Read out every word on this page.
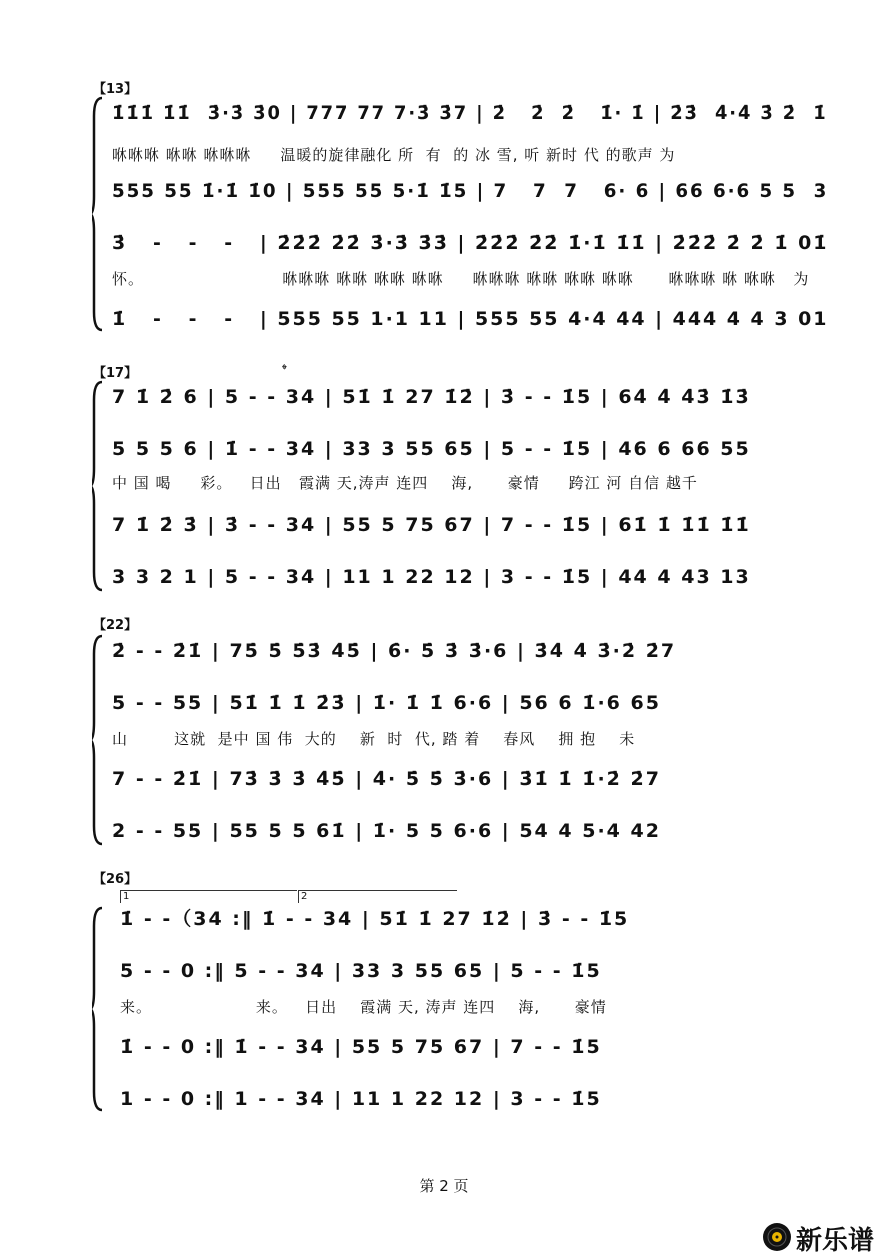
【13】
1̇1̇1̇ 1̇1̇  3̇·3̇ 3̇0 | 777 77 7·3̇ 3̇7 | 2̇   2̇  2̇   1̇· 1̇ | 2̇3̇  4̇·4̇ 3̇ 2̇  1̇
咻咻咻 咻咻 咻咻咻     温暖的旋律融化 所  有  的 冰 雪, 听 新时 代 的歌声 为
555 55 1̇·1̇ 1̇0 | 555 55 5·1̇ 1̇5 | 7   7  7   6· 6 | 66 6·6 5 5  3
3̇   -   -   -   | 2̇2̇2̇ 2̇2̇ 3̇·3̇ 3̇3̇ | 2̇2̇2̇ 2̇2̇ 1̇·1̇ 1̇1̇ | 2̇2̇2̇ 2̇ 2̇ 1̇ 01̇
怀。                        咻咻咻 咻咻 咻咻 咻咻     咻咻咻 咻咻 咻咻 咻咻      咻咻咻 咻 咻咻   为
1̇   -   -   -   | 555 55 1·1 11 | 555 55 4·4 44 | 444 4 4 3 01
【17】	𝄌
7 1̇ 2̇ 6 | 5 - - 34 | 51̇ 1̇ 27 1̇2̇ | 3̇ - - 1̇5 | 64̇ 4̇ 4̇3̇ 1̇3̇
5 5 5 6 | 1̇ - - 34 | 33 3 55 65 | 5 - - 1̇5 | 46 6 66 55
中 国 喝     彩。   日出   霞满 天,涛声 连四    海,      豪情     跨江 河 自信 越千
7 1̇ 2̇ 3̇ | 3̇ - - 34 | 55 5 75 67 | 7 - - 1̇5 | 61̇ 1̇ 1̇1̇ 1̇1̇
3 3 2 1 | 5 - - 34 | 11 1 22 12 | 3 - - 1̇5 | 44 4 43 13
【22】
2̇ - - 2̇1̇ | 75̇ 5̇ 5̇3̇ 4̇5̇ | 6̇· 5̇ 3̇ 3̇·6 | 3̇4̇ 4̇ 3̇·2̇ 2̇7
5 - - 55 | 51̇ 1̇ 1̇ 2̇3̇ | 1̇· 1̇ 1̇ 6·6 | 56 6 1̇·6 65
山        这就  是中 国 伟  大的    新  时  代, 踏 着    春风    拥 抱    未
7 - - 2̇1̇ | 73̇ 3̇ 3̇ 4̇5̇ | 4̇· 5̇ 5̇ 3̇·6 | 3̇1̇ 1̇ 1̇·2̇ 2̇7
2 - - 55 | 55 5 5 61̇ | 1̇· 5 5 6·6 | 54 4 5·4 42
【26】
1	2
1̇ - -（34 :‖ 1̇ - - 34 | 51̇ 1̇ 27 1̇2̇ | 3̇ - - 1̇5
5 - - 0 :‖ 5 - - 34 | 33 3 55 65 | 5 - - 1̇5
来。                  来。   日出    霞满 天, 涛声 连四    海,      豪情
1̇ - - 0 :‖ 1̇ - - 34 | 55 5 75 67 | 7 - - 1̇5
1 - - 0 :‖ 1 - - 34 | 11 1 22 12 | 3 - - 1̇5
第 2 页
新乐谱
